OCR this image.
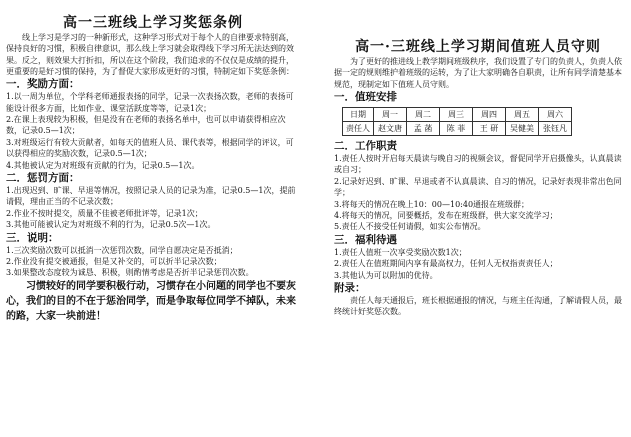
高一三班线上学习奖惩条例

线上学习是学习的一种新形式，这种学习形式对于每个人的自律要求特别高，保持良好的习惯，积极自律意识，那么线上学习就会取得线下学习所无法达到的效果。反之，则效果大打折扣，所以在这个阶段，我们追求的不仅仅是成绩的提升，更重要的是好习惯的保持，为了督促大家形成更好的习惯，特制定如下奖惩条例：

一．奖励方面：

1.以一周为单位，个学科老师通报表扬的同学，记录一次表扬次数，老师的表扬可能设计很多方面，比如作业、课堂活跃度等等，记录1次；

2.在课上表现较为积极，但是没有在老师的表扬名单中，也可以申请获得相应次数，记录0.5—1次；

3.对班级运行有较大贡献者，如每天的值班人员、课代表等，根据同学的评议，可以获得相应的奖励次数，记录0.5—1次；

4.其他被认定为对班级有贡献的行为，记录0.5—1次。

二．惩罚方面：

1.出现迟到、旷课、早退等情况，按照记录人员的记录为准，记录0.5—1次，提前请假，理由正当的不记录次数；

2.作业不按时提交，质量不佳被老师批评等，记录1次；

3.其他可能被认定为对班级不利的行为，记录0.5次—1次。

三．说明：

1.三次奖励次数可以抵消一次惩罚次数，同学自愿决定是否抵消；

2.作业没有提交被通报，但是又补交的，可以折半记录次数；

3.如果整改态度较为诚恳、积极，则酌情考虑是否折半记录惩罚次数。

习惯较好的同学要积极行动，习惯存在小问题的同学也不要灰心，我们的目的不在于惩治同学，而是争取每位同学不掉队，未来的路，大家一块前进！

高一·三班线上学习期间值班人员守则

为了更好的推进线上教学期间班级秩序，我们设置了专门的负责人，负责人依据一定的规则维护着班级的运转，为了让大家明确各自职责，让所有同学清楚基本规范，现制定如下值班人员守则。

一．值班安排

日期	周一	周二	周三	周四	周五	周六
责任人	赵文唐	孟 菡	陈 菲	王 研	吴健美	张钰凡

二．工作职责

1.责任人按时开启每天晨读与晚自习的视频会议，督促同学开启摄像头，认真晨读或自习；

2.记录好迟到、旷课、早退或者不认真晨读、自习的情况，记录好表现非常出色同学；

3.将每天的情况在晚上10：00—10:40通报在班级群；

4.将每天的情况，同要概括，发布在班级群，供大家交流学习；

5.责任人不接受任何请假，如实公布情况。

三．福利待遇

1.责任人值班一次享受奖励次数1次；

2.责任人在值班期间内享有最高权力，任何人无权指责责任人；

3.其他认为可以附加的优待。

附录：

责任人每天通报后，班长根据通报的情况，与班主任沟通，了解请假人员，最终统计好奖惩次数。
